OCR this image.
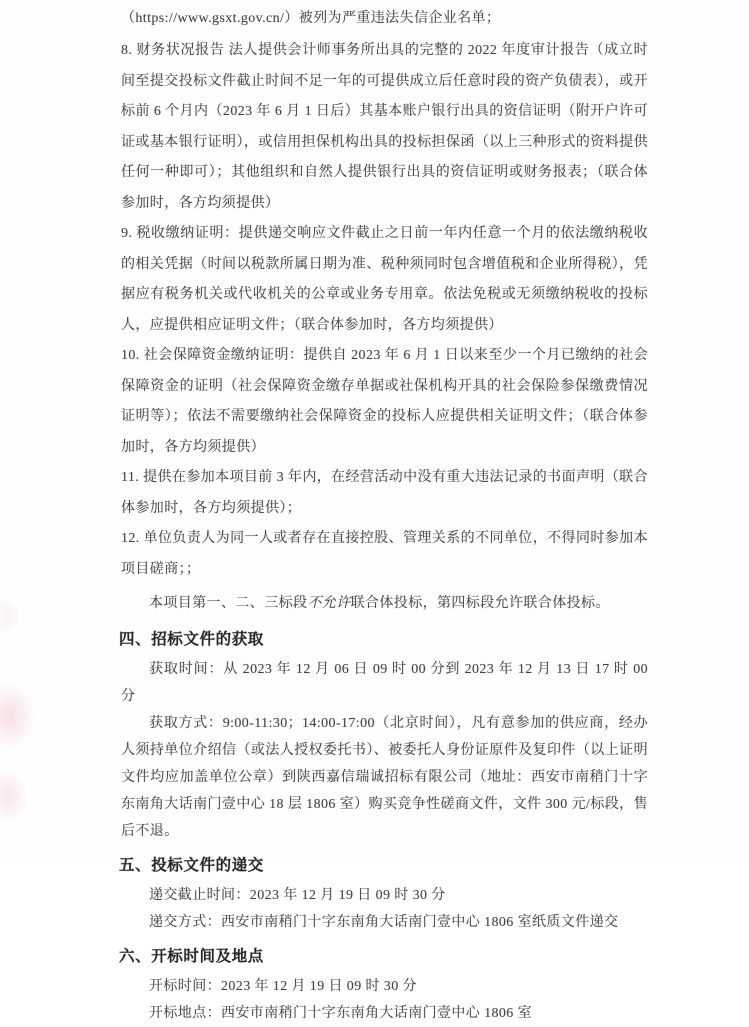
（https://www.gsxt.gov.cn/）被列为严重违法失信企业名单；

8. 财务状况报告 法人提供会计师事务所出具的完整的 2022 年度审计报告（成立时间至提交投标文件截止时间不足一年的可提供成立后任意时段的资产负债表），或开标前 6 个月内（2023 年 6 月 1 日后）其基本账户银行出具的资信证明（附开户许可证或基本银行证明），或信用担保机构出具的投标担保函（以上三种形式的资料提供任何一种即可）；其他组织和自然人提供银行出具的资信证明或财务报表；（联合体参加时，各方均须提供）

9. 税收缴纳证明：提供递交响应文件截止之日前一年内任意一个月的依法缴纳税收的相关凭据（时间以税款所属日期为准、税种须同时包含增值税和企业所得税），凭据应有税务机关或代收机关的公章或业务专用章。依法免税或无须缴纳税收的投标人，应提供相应证明文件；（联合体参加时，各方均须提供）

10. 社会保障资金缴纳证明：提供自 2023 年 6 月 1 日以来至少一个月已缴纳的社会保障资金的证明（社会保障资金缴存单据或社保机构开具的社会保险参保缴费情况证明等）；依法不需要缴纳社会保障资金的投标人应提供相关证明文件；（联合体参加时，各方均须提供）

11. 提供在参加本项目前 3 年内，在经营活动中没有重大违法记录的书面声明（联合体参加时，各方均须提供）；

12. 单位负责人为同一人或者存在直接控股、管理关系的不同单位，不得同时参加本项目磋商；；

本项目第一、二、三标段不允许联合体投标，第四标段允许联合体投标。

四、招标文件的获取

获取时间：从 2023 年 12 月 06 日 09 时 00 分到 2023 年 12 月 13 日 17 时 00 分

获取方式：9:00-11:30；14:00-17:00（北京时间），凡有意参加的供应商，经办人须持单位介绍信（或法人授权委托书）、被委托人身份证原件及复印件（以上证明文件均应加盖单位公章）到陕西嘉信瑞诚招标有限公司（地址：西安市南稍门十字东南角大话南门壹中心 18 层 1806 室）购买竞争性磋商文件，文件 300 元/标段，售后不退。

五、投标文件的递交

递交截止时间：2023 年 12 月 19 日 09 时 30 分

递交方式：西安市南稍门十字东南角大话南门壹中心 1806 室纸质文件递交

六、开标时间及地点

开标时间：2023 年 12 月 19 日 09 时 30 分

开标地点：西安市南稍门十字东南角大话南门壹中心 1806 室
